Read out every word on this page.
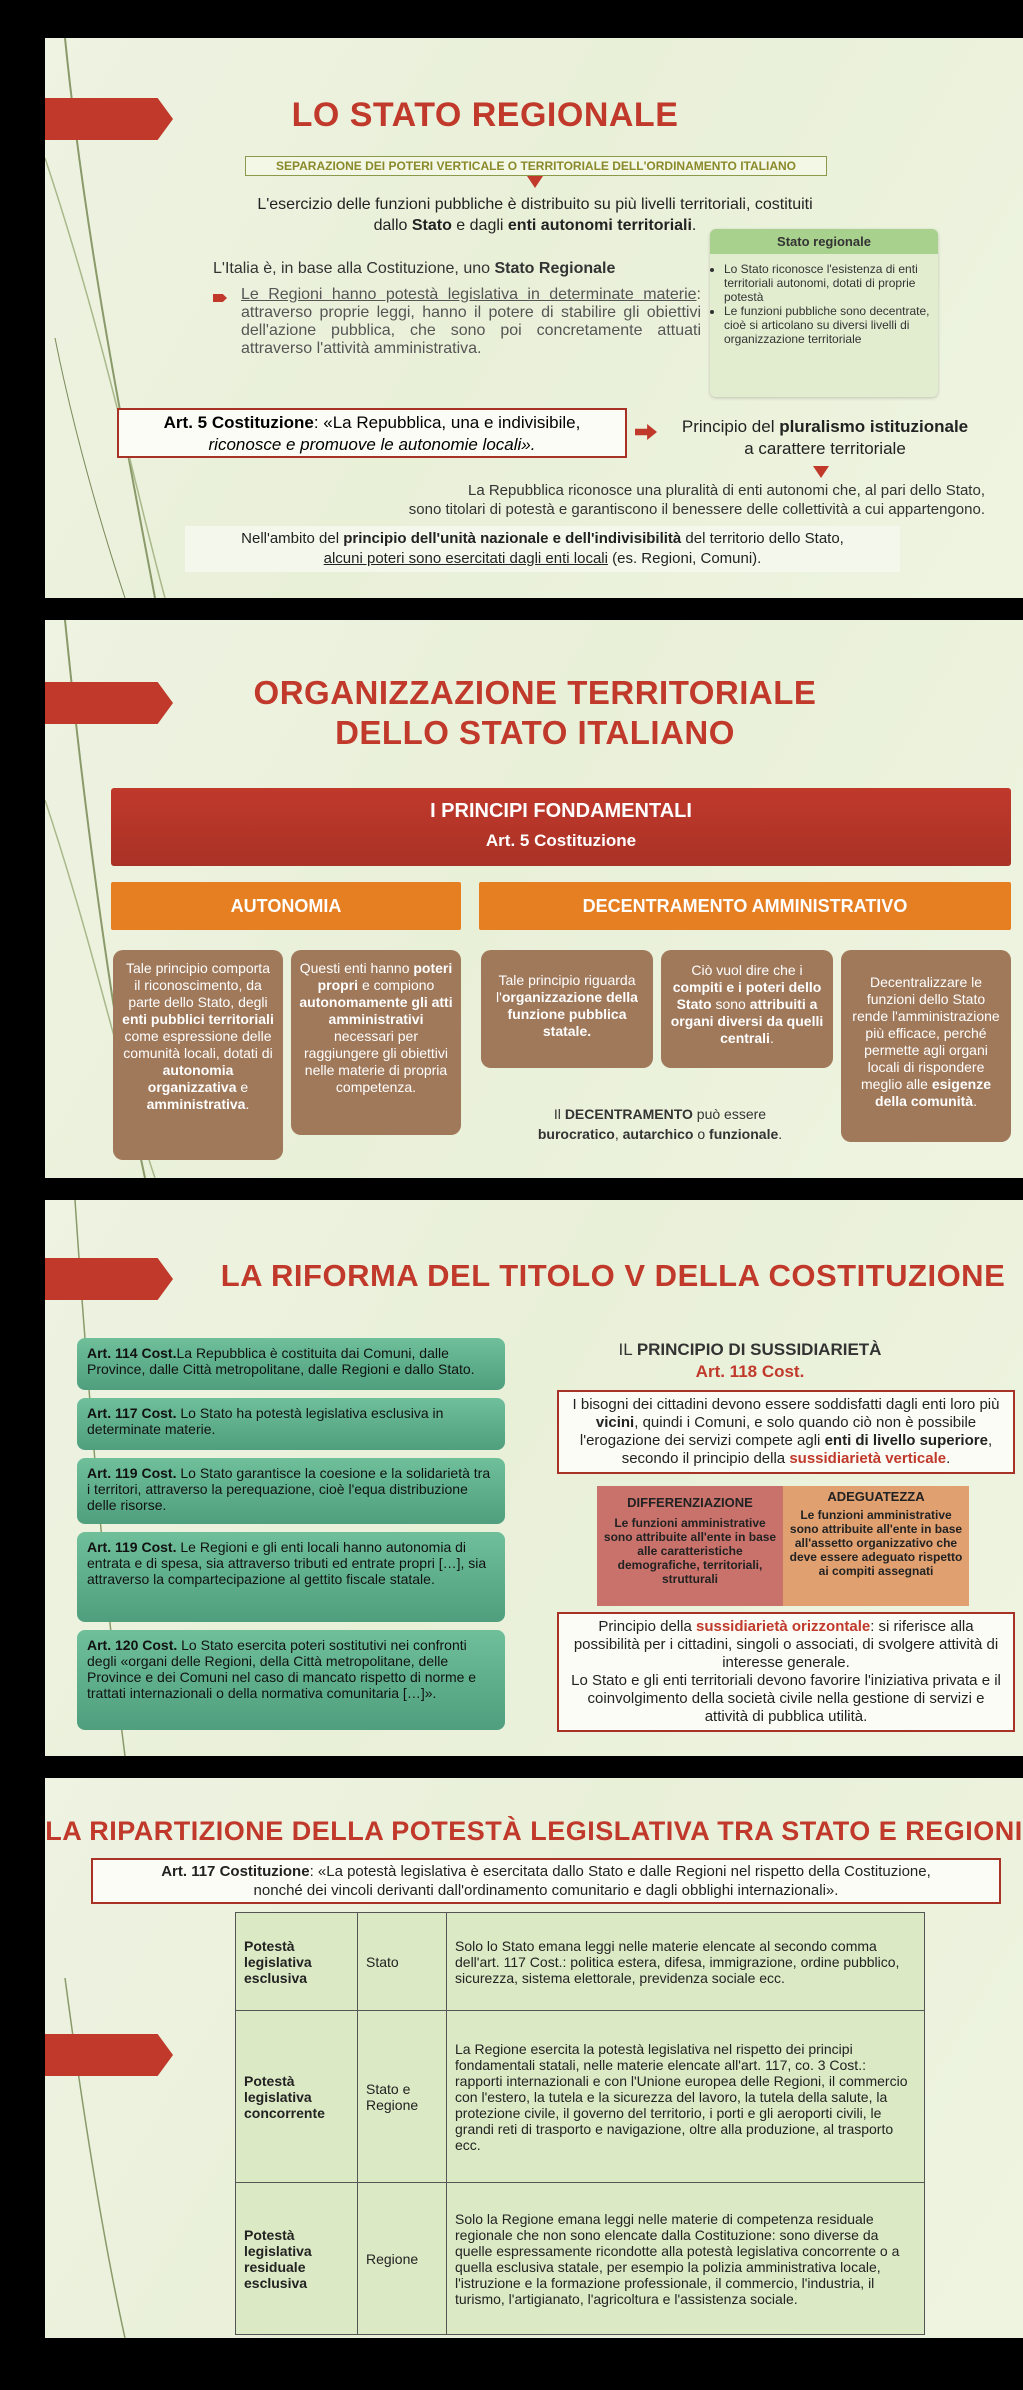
LO STATO REGIONALE
SEPARAZIONE DEI POTERI VERTICALE O TERRITORIALE DELL'ORDINAMENTO ITALIANO
L'esercizio delle funzioni pubbliche è distribuito su più livelli territoriali, costituiti
dallo Stato e dagli enti autonomi territoriali.
L'Italia è, in base alla Costituzione, uno Stato Regionale
Le Regioni hanno potestà legislativa in determinate materie: attraverso proprie leggi, hanno il potere di stabilire gli obiettivi dell'azione pubblica, che sono poi concretamente attuati attraverso l'attività amministrativa.
Stato regionale
• Lo Stato riconosce l'esistenza di enti territoriali autonomi, dotati di proprie potestà
• Le funzioni pubbliche sono decentrate, cioè si articolano su diversi livelli di organizzazione territoriale
Art. 5 Costituzione: «La Repubblica, una e indivisibile,
riconosce e promuove le autonomie locali».
Principio del pluralismo istituzionale
a carattere territoriale
La Repubblica riconosce una pluralità di enti autonomi che, al pari dello Stato,
sono titolari di potestà e garantiscono il benessere delle collettività a cui appartengono.
Nell'ambito del principio dell'unità nazionale e dell'indivisibilità del territorio dello Stato,
alcuni poteri sono esercitati dagli enti locali (es. Regioni, Comuni).
ORGANIZZAZIONE TERRITORIALE
DELLO STATO ITALIANO
I PRINCIPI FONDAMENTALI
Art. 5 Costituzione
AUTONOMIA	DECENTRAMENTO AMMINISTRATIVO
Tale principio comporta il riconoscimento, da parte dello Stato, degli enti pubblici territoriali come espressione delle comunità locali, dotati di autonomia organizzativa e amministrativa.
Questi enti hanno poteri propri e compiono autonomamente gli atti amministrativi necessari per raggiungere gli obiettivi nelle materie di propria competenza.
Tale principio riguarda l'organizzazione della funzione pubblica statale.
Ciò vuol dire che i compiti e i poteri dello Stato sono attribuiti a organi diversi da quelli centrali.
Decentralizzare le funzioni dello Stato rende l'amministrazione più efficace, perché permette agli organi locali di rispondere meglio alle esigenze della comunità.
Il DECENTRAMENTO può essere
burocratico, autarchico o funzionale.
LA RIFORMA DEL TITOLO V DELLA COSTITUZIONE
Art. 114 Cost.La Repubblica è costituita dai Comuni, dalle Province, dalle Città metropolitane, dalle Regioni e dallo Stato.
Art. 117 Cost. Lo Stato ha potestà legislativa esclusiva in determinate materie.
Art. 119 Cost. Lo Stato garantisce la coesione e la solidarietà tra i territori, attraverso la perequazione, cioè l'equa distribuzione delle risorse.
Art. 119 Cost. Le Regioni e gli enti locali hanno autonomia di entrata e di spesa, sia attraverso tributi ed entrate propri […], sia attraverso la compartecipazione al gettito fiscale statale.
Art. 120 Cost. Lo Stato esercita poteri sostitutivi nei confronti degli «organi delle Regioni, della Città metropolitane, delle Province e dei Comuni nel caso di mancato rispetto di norme e trattati internazionali o della normativa comunitaria […]».
IL PRINCIPIO DI SUSSIDIARIETÀ
Art. 118 Cost.
I bisogni dei cittadini devono essere soddisfatti dagli enti loro più vicini, quindi i Comuni, e solo quando ciò non è possibile l'erogazione dei servizi compete agli enti di livello superiore, secondo il principio della sussidiarietà verticale.
DIFFERENZIAZIONE
Le funzioni amministrative sono attribuite all'ente in base alle caratteristiche demografiche, territoriali, strutturali
ADEGUATEZZA
Le funzioni amministrative sono attribuite all'ente in base all'assetto organizzativo che deve essere adeguato rispetto ai compiti assegnati
Principio della sussidiarietà orizzontale: si riferisce alla possibilità per i cittadini, singoli o associati, di svolgere attività di interesse generale.
Lo Stato e gli enti territoriali devono favorire l'iniziativa privata e il coinvolgimento della società civile nella gestione di servizi e attività di pubblica utilità.
LA RIPARTIZIONE DELLA POTESTÀ LEGISLATIVA TRA STATO E REGIONI
Art. 117 Costituzione: «La potestà legislativa è esercitata dallo Stato e dalle Regioni nel rispetto della Costituzione,
nonché dei vincoli derivanti dall'ordinamento comunitario e dagli obblighi internazionali».
Potestà legislativa esclusiva	Stato	Solo lo Stato emana leggi nelle materie elencate al secondo comma dell'art. 117 Cost.: politica estera, difesa, immigrazione, ordine pubblico, sicurezza, sistema elettorale, previdenza sociale ecc.
Potestà legislativa concorrente	Stato e Regione	La Regione esercita la potestà legislativa nel rispetto dei principi fondamentali statali, nelle materie elencate all'art. 117, co. 3 Cost.: rapporti internazionali e con l'Unione europea delle Regioni, il commercio con l'estero, la tutela e la sicurezza del lavoro, la tutela della salute, la protezione civile, il governo del territorio, i porti e gli aeroporti civili, le grandi reti di trasporto e navigazione, oltre alla produzione, al trasporto ecc.
Potestà legislativa residuale esclusiva	Regione	Solo la Regione emana leggi nelle materie di competenza residuale regionale che non sono elencate dalla Costituzione: sono diverse da quelle espressamente ricondotte alla potestà legislativa concorrente o a quella esclusiva statale, per esempio la polizia amministrativa locale, l'istruzione e la formazione professionale, il commercio, l'industria, il turismo, l'artigianato, l'agricoltura e l'assistenza sociale.
